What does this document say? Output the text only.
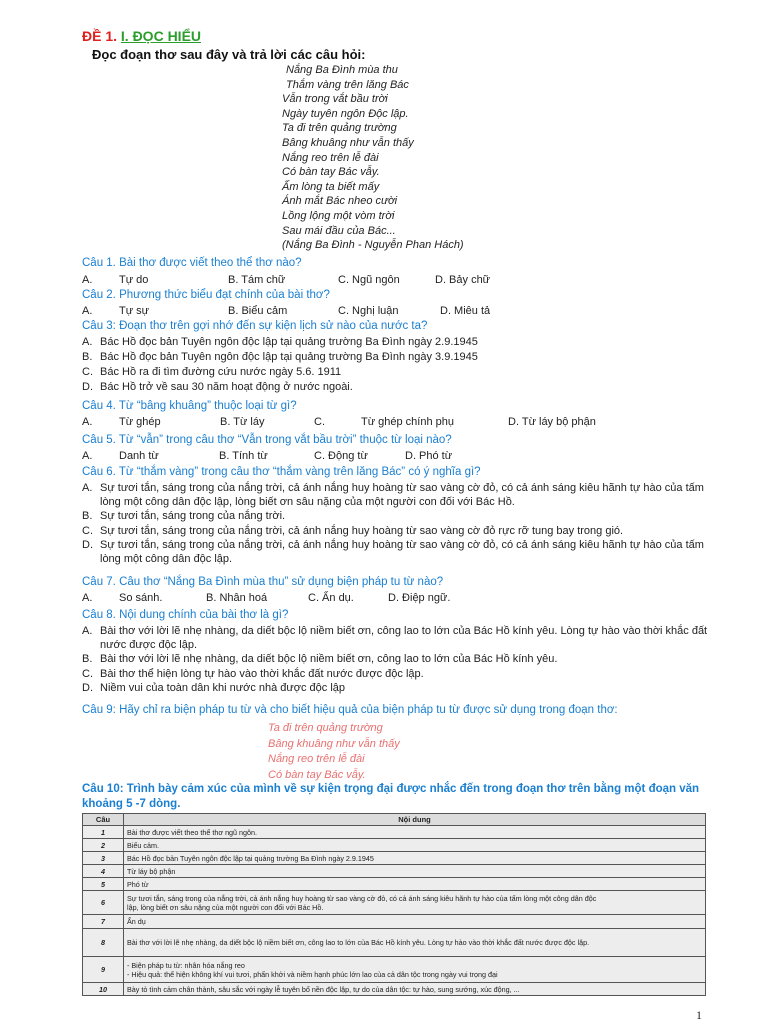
ĐỀ 1. I. ĐỌC HIỂU
Đọc đoạn thơ sau đây và trả lời các câu hỏi:
Nắng Ba Đình mùa thu
Thắm vàng trên lăng Bác
Vẫn trong vắt bầu trời
Ngày tuyên ngôn Độc lập.
Ta đi trên quảng trường
Bâng khuâng như vẫn thấy
Nắng reo trên lễ đài
Có bàn tay Bác vẫy.
Ấm lòng ta biết mấy
Ánh mắt Bác nheo cười
Lồng lộng một vòm trời
Sau mái đầu của Bác...
(Nắng Ba Đình - Nguyễn Phan Hách)
Câu 1. Bài thơ được viết theo thể thơ nào?
A. Tự do	B. Tám chữ	C. Ngũ ngôn	D. Bảy chữ
Câu 2. Phương thức biểu đạt chính của bài thơ?
A. Tự sự	B. Biểu cảm	C. Nghị luận	D. Miêu tả
Câu 3: Đoạn thơ trên gợi nhớ đến sự kiện lịch sử nào của nước ta?
A. Bác Hồ đọc bản Tuyên ngôn độc lập tại quảng trường Ba Đình ngày 2.9.1945
B. Bác Hồ đọc bản Tuyên ngôn độc lập tại quảng trường Ba Đình ngày 3.9.1945
C. Bác Hồ ra đi tìm đường cứu nước ngày 5.6. 1911
D. Bác Hồ trở về sau 30 năm hoạt động ở nước ngoài.
Câu 4. Từ “bâng khuâng” thuộc loại từ gì?
A. Từ ghép	B. Từ láy	C.	Từ ghép chính phụ	D. Từ láy bộ phận
Câu 5. Từ “vẫn” trong câu thơ “Vẫn trong vắt bầu trời” thuộc từ loại nào?
A. Danh từ	B. Tính từ	C. Động từ	D. Phó từ
Câu 6. Từ “thắm vàng” trong câu thơ “thắm vàng trên lăng Bác” có ý nghĩa gì?
A. Sự tươi tắn, sáng trong của nắng trời, cả ánh nắng huy hoàng từ sao vàng cờ đỏ, có cả ánh sáng kiêu hãnh tự hào của tấm lòng một công dân độc lập, lòng biết ơn sâu nặng của một người con đối với Bác Hồ.
B. Sự tươi tắn, sáng trong của nắng trời.
C. Sự tươi tắn, sáng trong của nắng trời, cả ánh nắng huy hoàng từ sao vàng cờ đỏ rực rỡ tung bay trong gió.
D. Sự tươi tắn, sáng trong của nắng trời, cả ánh nắng huy hoàng từ sao vàng cờ đỏ, có cả ánh sáng kiêu hãnh tự hào của tấm lòng một công dân độc lập.
Câu 7. Câu thơ “Nắng Ba Đình mùa thu” sử dụng biện pháp tu từ nào?
A. So sánh.	B. Nhân hoá	C. Ẩn dụ.	D. Điệp ngữ.
Câu 8. Nội dung chính của bài thơ là gì?
A. Bài thơ với lời lẽ nhẹ nhàng, da diết bộc lộ niềm biết ơn, công lao to lớn của Bác Hồ kính yêu. Lòng tự hào vào thời khắc đất nước được độc lập.
B. Bài thơ với lời lẽ nhẹ nhàng, da diết bộc lộ niềm biết ơn, công lao to lớn của Bác Hồ kính yêu.
C. Bài thơ thể hiện lòng tự hào vào thời khắc đất nước được độc lập.
D. Niềm vui của toàn dân khi nước nhà được độc lập
Câu 9: Hãy chỉ ra biện pháp tu từ và cho biết hiệu quả của biện pháp tu từ được sử dụng trong đoạn thơ:
Ta đi trên quảng trường
Bâng khuâng như vẫn thấy
Nắng reo trên lễ đài
Có bàn tay Bác vẫy.
Câu 10: Trình bày cảm xúc của mình về sự kiện trọng đại được nhắc đến trong đoạn thơ trên bằng một đoạn văn
khoảng 5 -7 dòng.
Câu	Nội dung
1	Bài thơ được viết theo thể thơ ngũ ngôn.
2	Biểu cảm.
3	Bác Hồ đọc bản Tuyên ngôn độc lập tại quảng trường Ba Đình ngày 2.9.1945
4	Từ láy bộ phận
5	Phó từ
6	Sự tươi tắn, sáng trong của nắng trời, cả ánh nắng huy hoàng từ sao vàng cờ đỏ, có cả ánh sáng kiêu hãnh tự hào của tấm lòng một công dân độc
lập, lòng biết ơn sâu nặng của một người con đối với Bác Hồ.

7	Ẩn dụ
8	Bài thơ với lời lẽ nhẹ nhàng, da diết bộc lộ niềm biết ơn, công lao to lớn của Bác Hồ kính yêu. Lòng tự hào vào thời khắc đất nước được độc lập.
9	- Biện pháp tu từ: nhân hóa nắng reo
- Hiệu quả: thể hiện không khí vui tươi, phấn khởi và niềm hạnh phúc lớn lao của cả dân tộc trong ngày vui trọng đại

10	Bày tỏ tình cảm chân thành, sâu sắc với ngày lễ tuyên bố nền độc lập, tự do của dân tộc: tự hào, sung sướng, xúc động, ...
1
